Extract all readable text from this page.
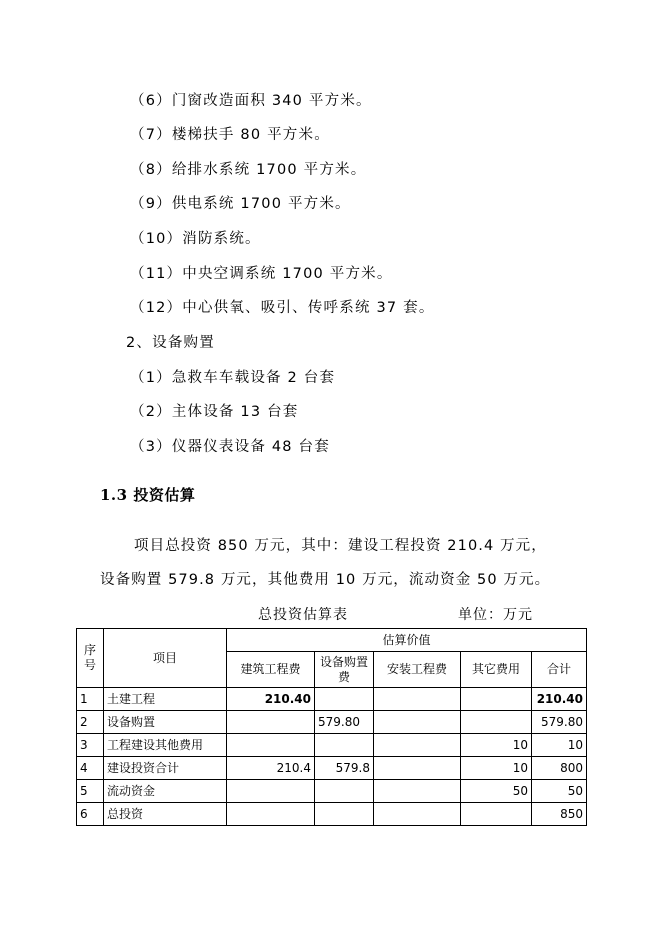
（6）门窗改造面积 340 平方米。
（7）楼梯扶手 80 平方米。
（8）给排水系统 1700 平方米。
（9）供电系统 1700 平方米。
（10）消防系统。
（11）中央空调系统 1700 平方米。
（12）中心供氧、吸引、传呼系统 37 套。
2、设备购置
（1）急救车车载设备 2 台套
（2）主体设备 13 台套
（3）仪器仪表设备 48 台套
1.3 投资估算
项目总投资 850 万元，其中：建设工程投资 210.4 万元，
设备购置 579.8 万元，其他费用 10 万元，流动资金 50 万元。
总投资估算表	单位：万元
序号	项目	估算价值				
		建筑工程费	设备购置费	安装工程费	其它费用	合计
1	土建工程	210.40				210.40
2	设备购置		579.80			579.80
3	工程建设其他费用				10	10
4	建设投资合计	210.4	579.8		10	800
5	流动资金				50	50
6	总投资					850
